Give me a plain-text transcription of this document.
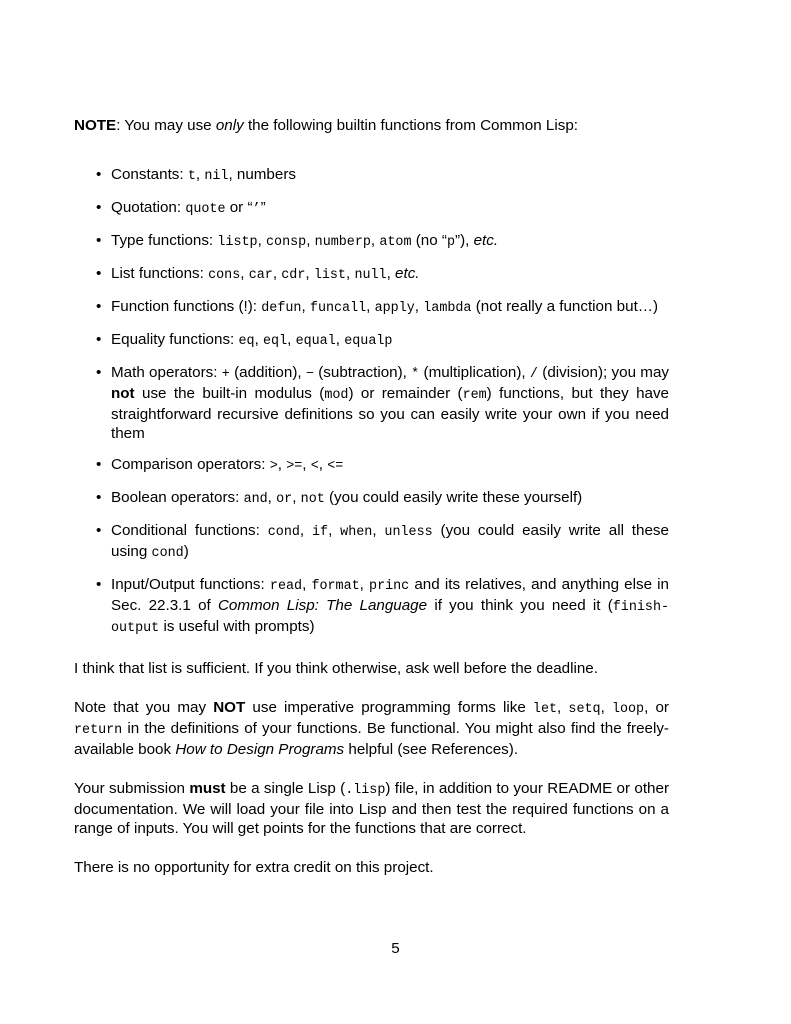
NOTE: You may use only the following builtin functions from Common Lisp:

• Constants: t, nil, numbers
• Quotation: quote or “’”
• Type functions: listp, consp, numberp, atom (no “p”), etc.
• List functions: cons, car, cdr, list, null, etc.
• Function functions (!): defun, funcall, apply, lambda (not really a function but…)
• Equality functions: eq, eql, equal, equalp
• Math operators: + (addition), − (subtraction), * (multiplication), / (division); you may not use the built-in modulus (mod) or remainder (rem) functions, but they have straightforward recursive definitions so you can easily write your own if you need them
• Comparison operators: >, >=, <, <=
• Boolean operators: and, or, not (you could easily write these yourself)
• Conditional functions: cond, if, when, unless (you could easily write all these using cond)
• Input/Output functions: read, format, princ and its relatives, and anything else in Sec. 22.3.1 of Common Lisp: The Language if you think you need it (finish-output is useful with prompts)

I think that list is sufficient. If you think otherwise, ask well before the deadline.

Note that you may NOT use imperative programming forms like let, setq, loop, or return in the definitions of your functions. Be functional. You might also find the freely-available book How to Design Programs helpful (see References).

Your submission must be a single Lisp (.lisp) file, in addition to your README or other documentation. We will load your file into Lisp and then test the required functions on a range of inputs. You will get points for the functions that are correct.

There is no opportunity for extra credit on this project.

5
